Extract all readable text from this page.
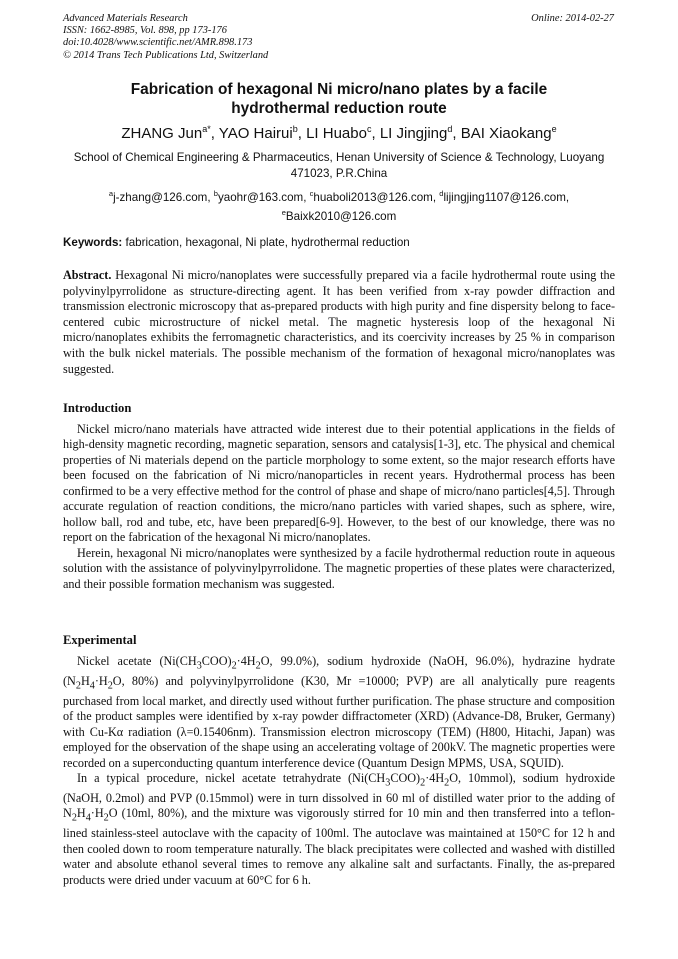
Advanced Materials Research
ISSN: 1662-8985, Vol. 898, pp 173-176
doi:10.4028/www.scientific.net/AMR.898.173
© 2014 Trans Tech Publications Ltd, Switzerland
Online: 2014-02-27
Fabrication of hexagonal Ni micro/nano plates by a facile hydrothermal reduction route
ZHANG Jun$^{a*}$, YAO Hairui$^b$, LI Huabo$^c$, LI Jingjing$^d$, BAI Xiaokang$^e$
School of Chemical Engineering & Pharmaceutics, Henan University of Science & Technology, Luoyang 471023, P.R.China
$^a$j-zhang@126.com, $^b$yaohr@163.com, $^c$huaboli2013@126.com, $^d$lijingjing1107@126.com,
$^e$Baixk2010@126.com
Keywords: fabrication, hexagonal, Ni plate, hydrothermal reduction
Abstract. Hexagonal Ni micro/nanoplates were successfully prepared via a facile hydrothermal route using the polyvinylpyrrolidone as structure-directing agent. It has been verified from x-ray powder diffraction and transmission electronic microscopy that as-prepared products with high purity and fine dispersity belong to face-centered cubic microstructure of nickel metal. The magnetic hysteresis loop of the hexagonal Ni micro/nanoplates exhibits the ferromagnetic characteristics, and its coercivity increases by 25 % in comparison with the bulk nickel materials. The possible mechanism of the formation of hexagonal micro/nanoplates was suggested.
Introduction

Nickel micro/nano materials have attracted wide interest due to their potential applications in the fields of high-density magnetic recording, magnetic separation, sensors and catalysis[1-3], etc. The physical and chemical properties of Ni materials depend on the particle morphology to some extent, so the major research efforts have been focused on the fabrication of Ni micro/nanoparticles in recent years. Hydrothermal process has been confirmed to be a very effective method for the control of phase and shape of micro/nano particles[4,5]. Through accurate regulation of reaction conditions, the micro/nano particles with varied shapes, such as sphere, wire, hollow ball, rod and tube, etc, have been prepared[6-9]. However, to the best of our knowledge, there was no report on the fabrication of the hexagonal Ni micro/nanoplates.

Herein, hexagonal Ni micro/nanoplates were synthesized by a facile hydrothermal reduction route in aqueous solution with the assistance of polyvinylpyrrolidone. The magnetic properties of these plates were characterized, and their possible formation mechanism was suggested.

Experimental

Nickel acetate ($Ni(CH_3COO)_2\cdot 4H_2O$, 99.0%), sodium hydroxide (NaOH, 96.0%), hydrazine hydrate ($N_2H_4\cdot H_2O$, 80%) and polyvinylpyrrolidone (K30, Mr =10000; PVP) are all analytically pure reagents purchased from local market, and directly used without further purification. The phase structure and composition of the product samples were identified by x-ray powder diffractometer (XRD) (Advance-D8, Bruker, Germany) with Cu-Kα radiation (λ=0.15406nm). Transmission electron microscopy (TEM) (H800, Hitachi, Japan) was employed for the observation of the shape using an accelerating voltage of 200kV. The magnetic properties were recorded on a superconducting quantum interference device (Quantum Design MPMS, USA, SQUID).

In a typical procedure, nickel acetate tetrahydrate ($Ni(CH_3COO)_2\cdot 4H_2O$, 10mmol), sodium hydroxide (NaOH, 0.2mol) and PVP (0.15mmol) were in turn dissolved in 60 ml of distilled water prior to the adding of $N_2H_4\cdot H_2O$ (10ml, 80%), and the mixture was vigorously stirred for 10 min and then transferred into a teflon-lined stainless-steel autoclave with the capacity of 100ml. The autoclave was maintained at 150°C for 12 h and then cooled down to room temperature naturally. The black precipitates were collected and washed with distilled water and absolute ethanol several times to remove any alkaline salt and surfactants. Finally, the as-prepared products were dried under vacuum at 60°C for 6 h.
